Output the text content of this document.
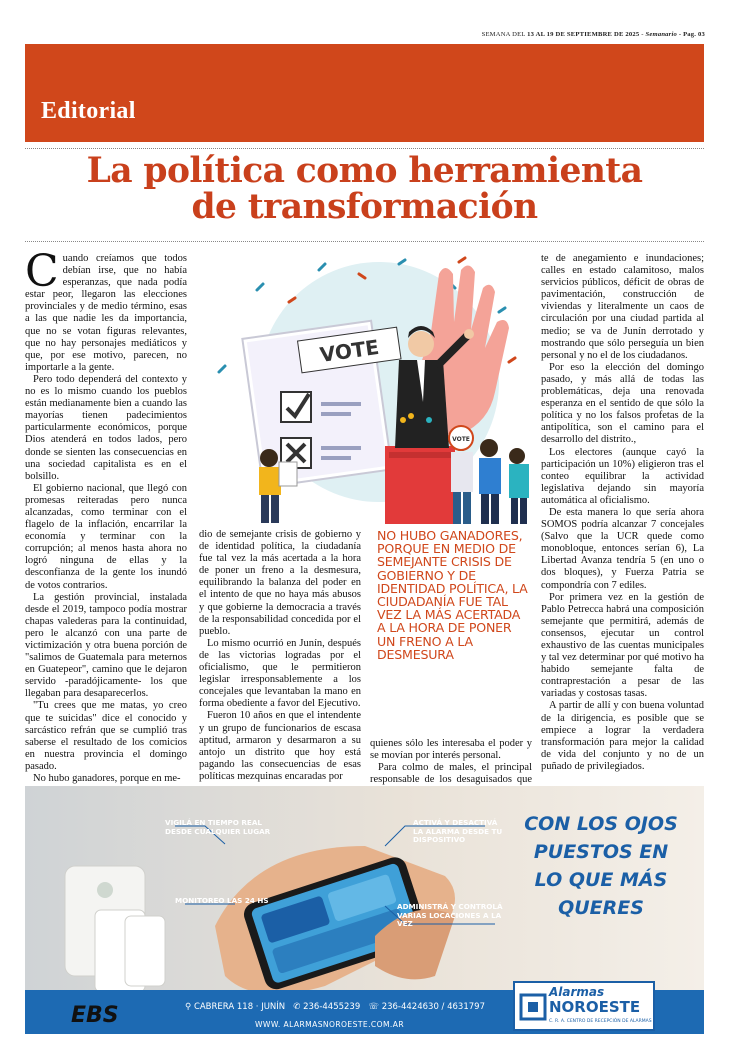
SEMANA DEL 13 AL 19 DE SEPTIEMBRE DE 2025 - Semanario - Pag. 03
Editorial
La política como herramienta
de transformación

Cuando creíamos que todos debían irse, que no había esperanzas, que nada podía estar peor, llegaron las elecciones provinciales y de medio término, esas a las que nadie les da importancia, que no se votan figuras relevantes, que no hay personajes mediáticos y que, por ese motivo, parecen, no importarle a la gente.

Pero todo dependerá del contexto y no es lo mismo cuando los pueblos están medianamente bien a cuando las mayorías tienen padecimientos particularmente económicos, porque Dios atenderá en todos lados, pero donde se sienten las consecuencias en una sociedad capitalista es en el bolsillo.

El gobierno nacional, que llegó con promesas reiteradas pero nunca alcanzadas, como terminar con el flagelo de la inflación, encarrilar la economía y terminar con la corrupción; al menos hasta ahora no logró ninguna de ellas y la desconfianza de la gente los inundó de votos contrarios.

La gestión provincial, instalada desde el 2019, tampoco podía mostrar chapas valederas para la continuidad, pero le alcanzó con una parte de victimización y otra buena porción de "salimos de Guatemala para meternos en Guatepeor", camino que le dejaron servido -paradójicamente- los que llegaban para desaparecerlos.

"Tu crees que me matas, yo creo que te suicidas" dice el conocido y sarcástico refrán que se cumplió tras saberse el resultado de los comicios en nuestra provincia el domingo pasado.

No hubo ganadores, porque en me-

VOTE
VOTE

dio de semejante crisis de gobierno y de identidad política, la ciudadanía fue tal vez la más acertada a la hora de poner un freno a la desmesura, equilibrando la balanza del poder en el intento de que no haya más abusos y que gobierne la democracia a través de la responsabilidad concedida por el pueblo.

Lo mismo ocurrió en Junín, después de las victorias logradas por el oficialismo, que le permitieron legislar irresponsablemente a los concejales que levantaban la mano en forma obediente a favor del Ejecutivo.

Fueron 10 años en que el intendente y un grupo de funcionarios de escasa aptitud, armaron y desarmaron a su antojo un distrito que hoy está pagando las consecuencias de esas políticas mezquinas encaradas por

NO HUBO GANADORES, PORQUE EN MEDIO DE SEMEJANTE CRISIS DE GOBIERNO Y DE IDENTIDAD POLÍTICA, LA CIUDADANÍA FUE TAL VEZ LA MÁS ACERTADA A LA HORA DE PONER UN FRENO A LA DESMESURA

quienes sólo les interesaba el poder y se movían por interés personal.

Para colmo de males, el principal responsable de los desaguisados que

te de anegamiento e inundaciones; calles en estado calamitoso, malos servicios públicos, déficit de obras de pavimentación, construcción de viviendas y literalmente un caos de circulación por una ciudad partida al medio; se va de Junín derrotado y mostrando que sólo perseguía un bien personal y no el de los ciudadanos.

Por eso la elección del domingo pasado, y más allá de todas las problemáticas, deja una renovada esperanza en el sentido de que sólo la política y no los falsos profetas de la antipolítica, son el camino para el desarrollo del distrito.,

Los electores (aunque cayó la participación un 10%) eligieron tras el conteo equilibrar la actividad legislativa dejando sin mayoría automática al oficialismo.

De esta manera lo que sería ahora SOMOS podría alcanzar 7 concejales (Salvo que la UCR quede como monobloque, entonces serían 6), La Libertad Avanza tendría 5 (en uno o dos bloques), y Fuerza Patria se compondría con 7 ediles.

Por primera vez en la gestión de Pablo Petrecca habrá una composición semejante que permitirá, además de consensos, ejecutar un control exhaustivo de las cuentas municipales y tal vez determinar por qué motivo ha habido semejante falta de contraprestación a pesar de las variadas y costosas tasas.

A partir de allí y con buena voluntad de la dirigencia, es posible que se empiece a lograr la verdadera transformación para mejor la calidad de vida del conjunto y no de un puñado de privilegiados.

VIGILÁ EN TIEMPO REAL DESDE CUALQUIER LUGAR
ACTIVÁ Y DESACTIVÁ LA ALARMA DESDE TU DISPOSITIVO
MONITOREO LAS 24 HS
ADMINISTRÁ Y CONTROLÁ VARIAS LOCACIONES A LA VEZ
CON LOS OJOS
PUESTOS EN
LO QUE MÁS
QUERES
EBS	⚲ CABRERA 118 · JUNÍN ✆ 236-4455239 ☏ 236-4424630 / 4631797
WWW. ALARMASNOROESTE.COM.AR
Alarmas
NOROESTE
C. R. A. CENTRO DE RECEPCIÓN DE ALARMAS
